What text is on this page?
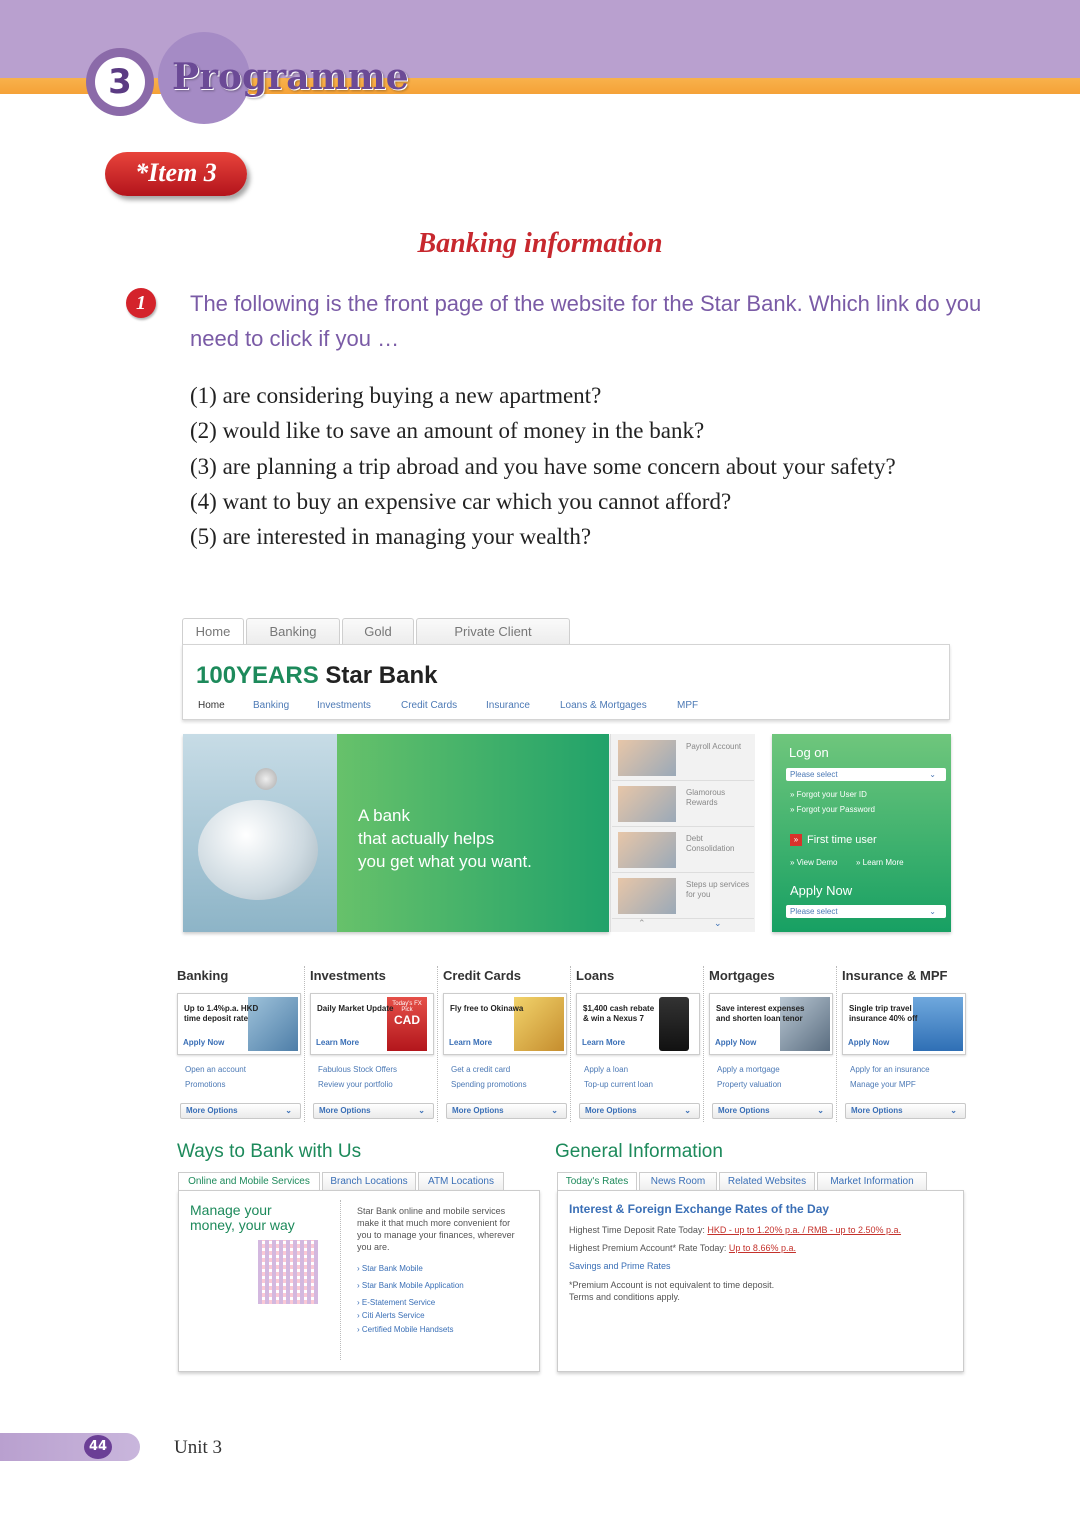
3	Programme
*Item 3
Banking information
1	The following is the front page of the website for the Star Bank. Which link do you need to click if you …
(1) are considering buying a new apartment?
(2) would like to save an amount of money in the bank?
(3) are planning a trip abroad and you have some concern about your safety?
(4) want to buy an expensive car which you cannot afford?
(5) are interested in managing your wealth?
Home	Banking	Gold	Private Client
100YEARS Star Bank
Home	Banking	Investments	Credit Cards	Insurance	Loans & Mortgages	MPF
A bank
that actually helps
you get what you want.
Payroll Account
Glamorous Rewards
Debt Consolidation
Steps up services for you
⌃	⌄
Log on
Please select	⌄
» Forgot your User ID
» Forgot your Password
» First time user
» View Demo » Learn More
Apply Now
Please select	⌄
Banking
Up to 1.4%p.a. HKD time deposit rate
Apply Now
Open an account
Promotions
More Options	⌄
Investments
Today's FX Pick
CAD
Daily Market Update
Learn More
Fabulous Stock Offers
Review your portfolio
More Options	⌄
Credit Cards
Fly free to Okinawa
Learn More
Get a credit card
Spending promotions
More Options	⌄
Loans
$1,400 cash rebate & win a Nexus 7
Learn More
Apply a loan
Top-up current loan
More Options	⌄
Mortgages
Save interest expenses and shorten loan tenor
Apply Now
Apply a mortgage
Property valuation
More Options	⌄
Insurance & MPF
Single trip travel insurance 40% off
Apply Now
Apply for an insurance
Manage your MPF
More Options	⌄
Ways to Bank with Us
Online and Mobile Services	Branch Locations	ATM Locations
Manage your money, your way
Star Bank online and mobile services make it that much more convenient for you to manage your finances, wherever you are.
› Star Bank Mobile
› Star Bank Mobile Application
› E-Statement Service
› Citi Alerts Service
› Certified Mobile Handsets
General Information
Today's Rates	News Room	Related Websites	Market Information
Interest & Foreign Exchange Rates of the Day
Highest Time Deposit Rate Today: HKD - up to 1.20% p.a. / RMB - up to 2.50% p.a.
Highest Premium Account* Rate Today: Up to 8.66% p.a.
Savings and Prime Rates
*Premium Account is not equivalent to time deposit.
Terms and conditions apply.
44	Unit 3
